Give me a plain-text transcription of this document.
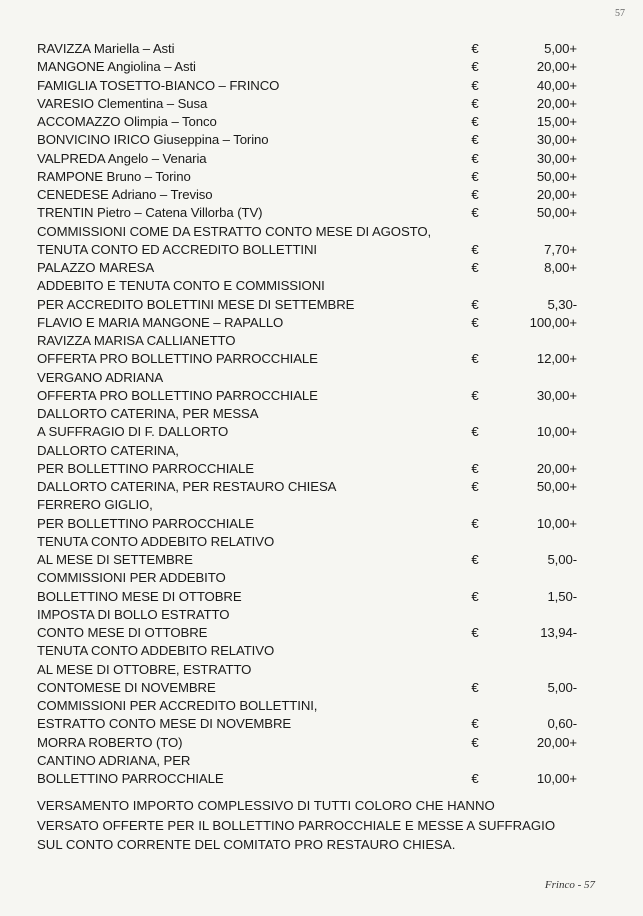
57
RAVIZZA Mariella – Asti	€	5,00+
MANGONE Angiolina – Asti	€	20,00+
FAMIGLIA TOSETTO-BIANCO – FRINCO	€	40,00+
VARESIO Clementina – Susa	€	20,00+
ACCOMAZZO Olimpia – Tonco	€	15,00+
BONVICINO IRICO Giuseppina – Torino	€	30,00+
VALPREDA Angelo – Venaria	€	30,00+
RAMPONE Bruno – Torino	€	50,00+
CENEDESE Adriano – Treviso	€	20,00+
TRENTIN Pietro – Catena Villorba (TV)	€	50,00+
COMMISSIONI COME DA ESTRATTO CONTO MESE DI AGOSTO,
TENUTA CONTO ED ACCREDITO BOLLETTINI	€	7,70+
PALAZZO MARESA	€	8,00+
ADDEBITO E TENUTA CONTO E COMMISSIONI
PER ACCREDITO BOLETTINI MESE DI SETTEMBRE	€	5,30-
FLAVIO E MARIA MANGONE – RAPALLO	€	100,00+
RAVIZZA MARISA CALLIANETTO
OFFERTA PRO BOLLETTINO PARROCCHIALE	€	12,00+
VERGANO ADRIANA
OFFERTA PRO BOLLETTINO PARROCCHIALE	€	30,00+
DALLORTO CATERINA, PER MESSA
A SUFFRAGIO DI F. DALLORTO	€	10,00+
DALLORTO CATERINA,
PER BOLLETTINO PARROCCHIALE	€	20,00+
DALLORTO CATERINA, PER RESTAURO CHIESA	€	50,00+
FERRERO GIGLIO,
PER BOLLETTINO PARROCCHIALE	€	10,00+
TENUTA CONTO ADDEBITO RELATIVO
AL MESE DI SETTEMBRE	€	5,00-
COMMISSIONI PER ADDEBITO
BOLLETTINO MESE DI OTTOBRE	€	1,50-
IMPOSTA DI BOLLO ESTRATTO
CONTO MESE DI OTTOBRE	€	13,94-
TENUTA CONTO ADDEBITO RELATIVO
AL MESE DI OTTOBRE, ESTRATTO
CONTOMESE DI NOVEMBRE	€	5,00-
COMMISSIONI PER ACCREDITO BOLLETTINI,
ESTRATTO CONTO MESE DI NOVEMBRE	€	0,60-
MORRA ROBERTO (TO)	€	20,00+
CANTINO ADRIANA, PER
BOLLETTINO PARROCCHIALE	€	10,00+
VERSAMENTO IMPORTO COMPLESSIVO DI TUTTI COLORO CHE HANNO
VERSATO OFFERTE PER IL BOLLETTINO PARROCCHIALE E MESSE A SUFFRAGIO
SUL CONTO CORRENTE DEL COMITATO PRO RESTAURO CHIESA.
Frinco - 57
